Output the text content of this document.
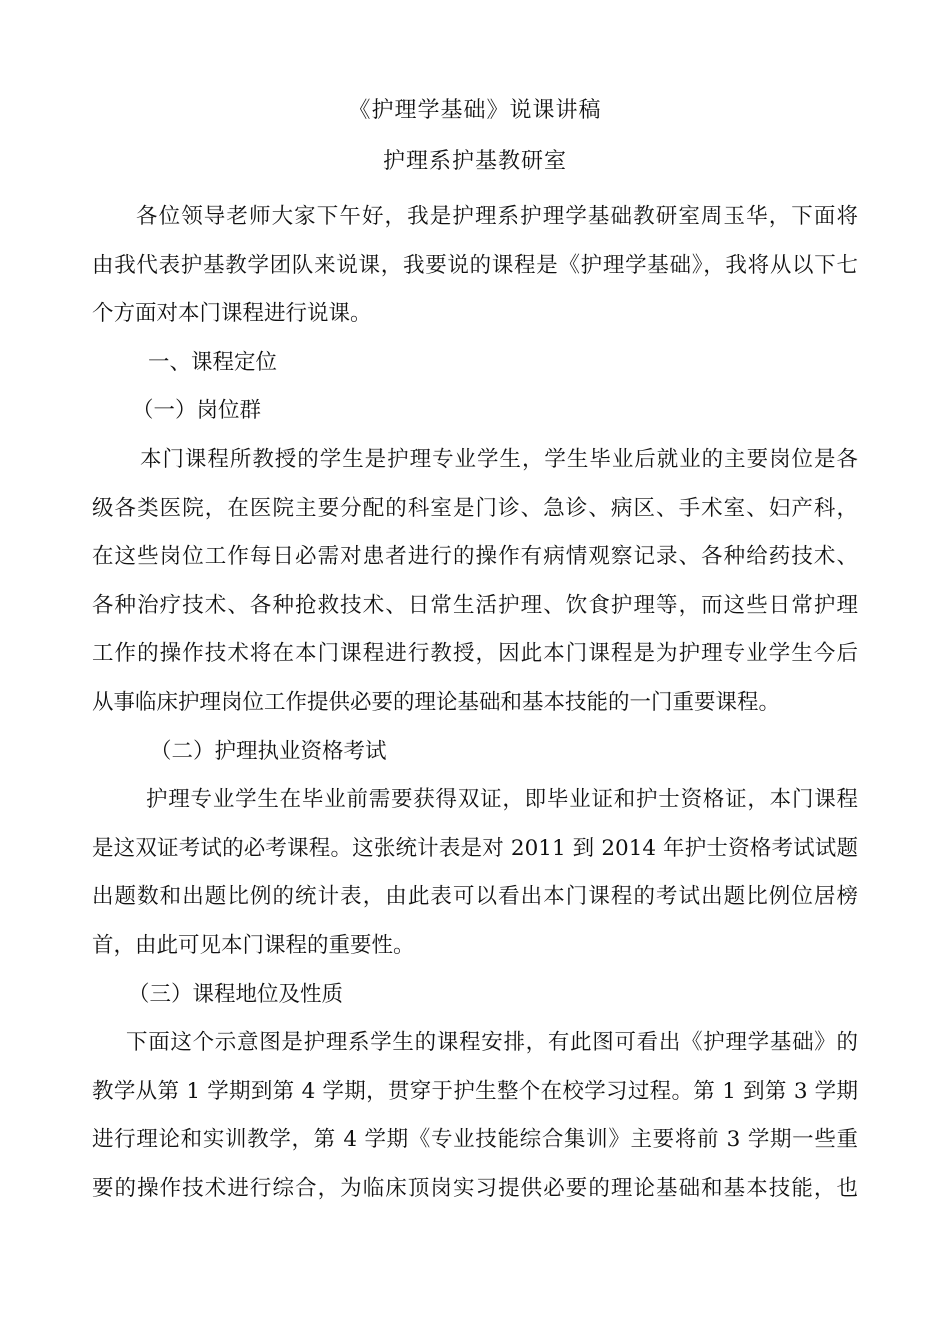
《护理学基础》说课讲稿
护理系护基教研室
各位领导老师大家下午好，我是护理系护理学基础教研室周玉华，下面将
由我代表护基教学团队来说课，我要说的课程是《护理学基础》，我将从以下七
个方面对本门课程进行说课。
一、课程定位
（一）岗位群
本门课程所教授的学生是护理专业学生，学生毕业后就业的主要岗位是各
级各类医院，在医院主要分配的科室是门诊、急诊、病区、手术室、妇产科，
在这些岗位工作每日必需对患者进行的操作有病情观察记录、各种给药技术、
各种治疗技术、各种抢救技术、日常生活护理、饮食护理等，而这些日常护理
工作的操作技术将在本门课程进行教授，因此本门课程是为护理专业学生今后
从事临床护理岗位工作提供必要的理论基础和基本技能的一门重要课程。
（二）护理执业资格考试
护理专业学生在毕业前需要获得双证，即毕业证和护士资格证，本门课程
是这双证考试的必考课程。这张统计表是对 2011 到 2014 年护士资格考试试题
出题数和出题比例的统计表，由此表可以看出本门课程的考试出题比例位居榜
首，由此可见本门课程的重要性。
（三）课程地位及性质
下面这个示意图是护理系学生的课程安排，有此图可看出《护理学基础》的
教学从第 1 学期到第 4 学期，贯穿于护生整个在校学习过程。第 1 到第 3 学期
进行理论和实训教学，第 4 学期《专业技能综合集训》主要将前 3 学期一些重
要的操作技术进行综合，为临床顶岗实习提供必要的理论基础和基本技能，也
